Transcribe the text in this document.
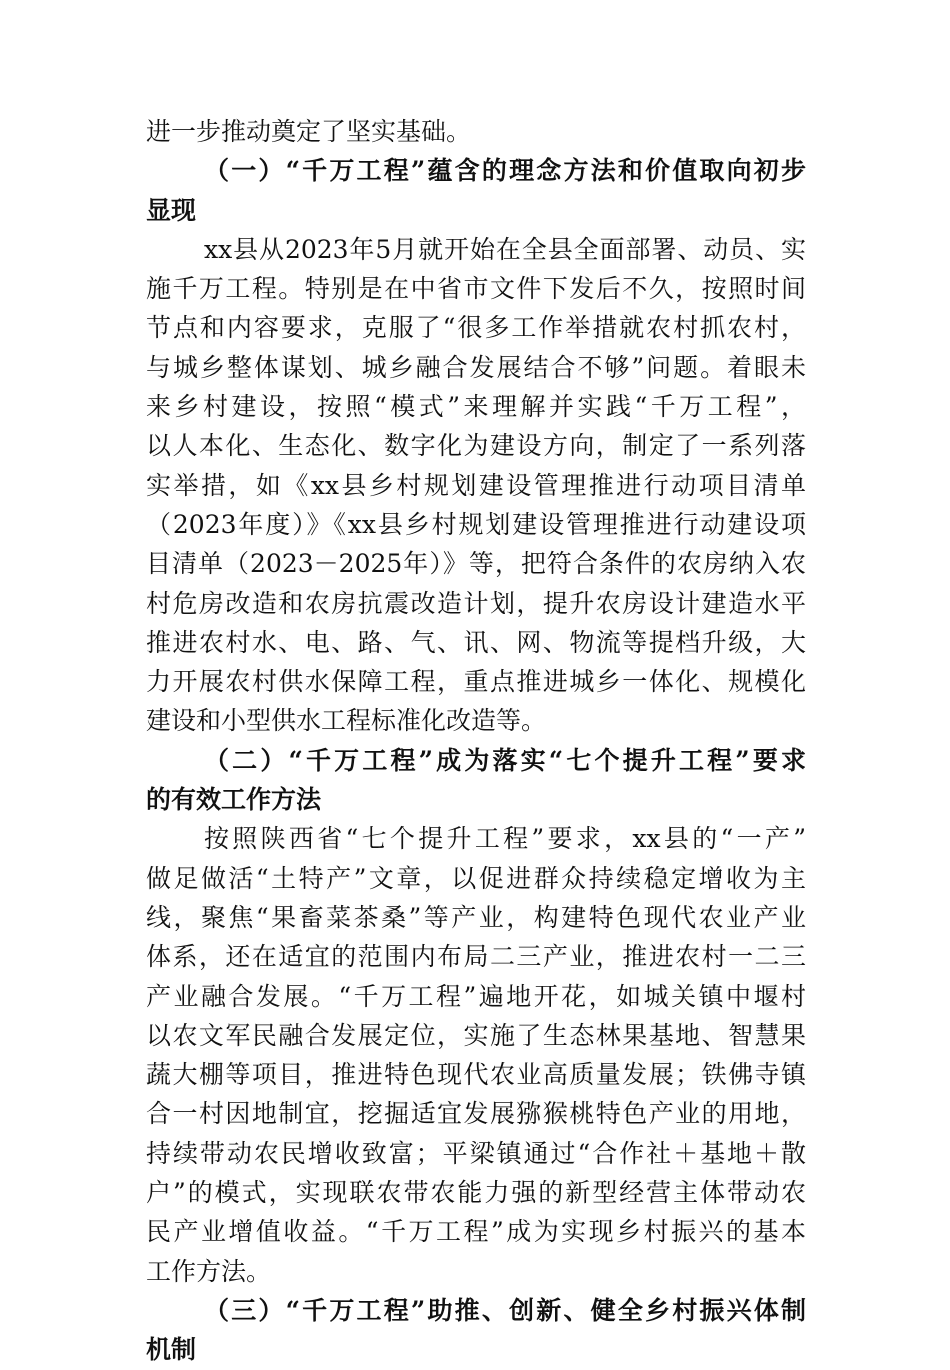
进一步推动奠定了坚实基础。
（一）“千万工程”蕴含的理念方法和价值取向初步
显现
xx县从2023年5月就开始在全县全面部署、动员、实
施千万工程。特别是在中省市文件下发后不久，按照时间
节点和内容要求，克服了“很多工作举措就农村抓农村，
与城乡整体谋划、城乡融合发展结合不够”问题。着眼未
来乡村建设，按照“模式”来理解并实践“千万工程”，
以人本化、生态化、数字化为建设方向，制定了一系列落
实举措，如《xx县乡村规划建设管理推进行动项目清单
（2023年度）》《xx县乡村规划建设管理推进行动建设项
目清单（2023－2025年）》等，把符合条件的农房纳入农
村危房改造和农房抗震改造计划，提升农房设计建造水平
推进农村水、电、路、气、讯、网、物流等提档升级，大
力开展农村供水保障工程，重点推进城乡一体化、规模化
建设和小型供水工程标准化改造等。
（二）“千万工程”成为落实“七个提升工程”要求
的有效工作方法
按照陕西省“七个提升工程”要求，xx县的“一产”
做足做活“土特产”文章，以促进群众持续稳定增收为主
线，聚焦“果畜菜茶桑”等产业，构建特色现代农业产业
体系，还在适宜的范围内布局二三产业，推进农村一二三
产业融合发展。“千万工程”遍地开花，如城关镇中堰村
以农文军民融合发展定位，实施了生态林果基地、智慧果
蔬大棚等项目，推进特色现代农业高质量发展；铁佛寺镇
合一村因地制宜，挖掘适宜发展猕猴桃特色产业的用地，
持续带动农民增收致富；平梁镇通过“合作社＋基地＋散
户”的模式，实现联农带农能力强的新型经营主体带动农
民产业增值收益。“千万工程”成为实现乡村振兴的基本
工作方法。
（三）“千万工程”助推、创新、健全乡村振兴体制
机制
